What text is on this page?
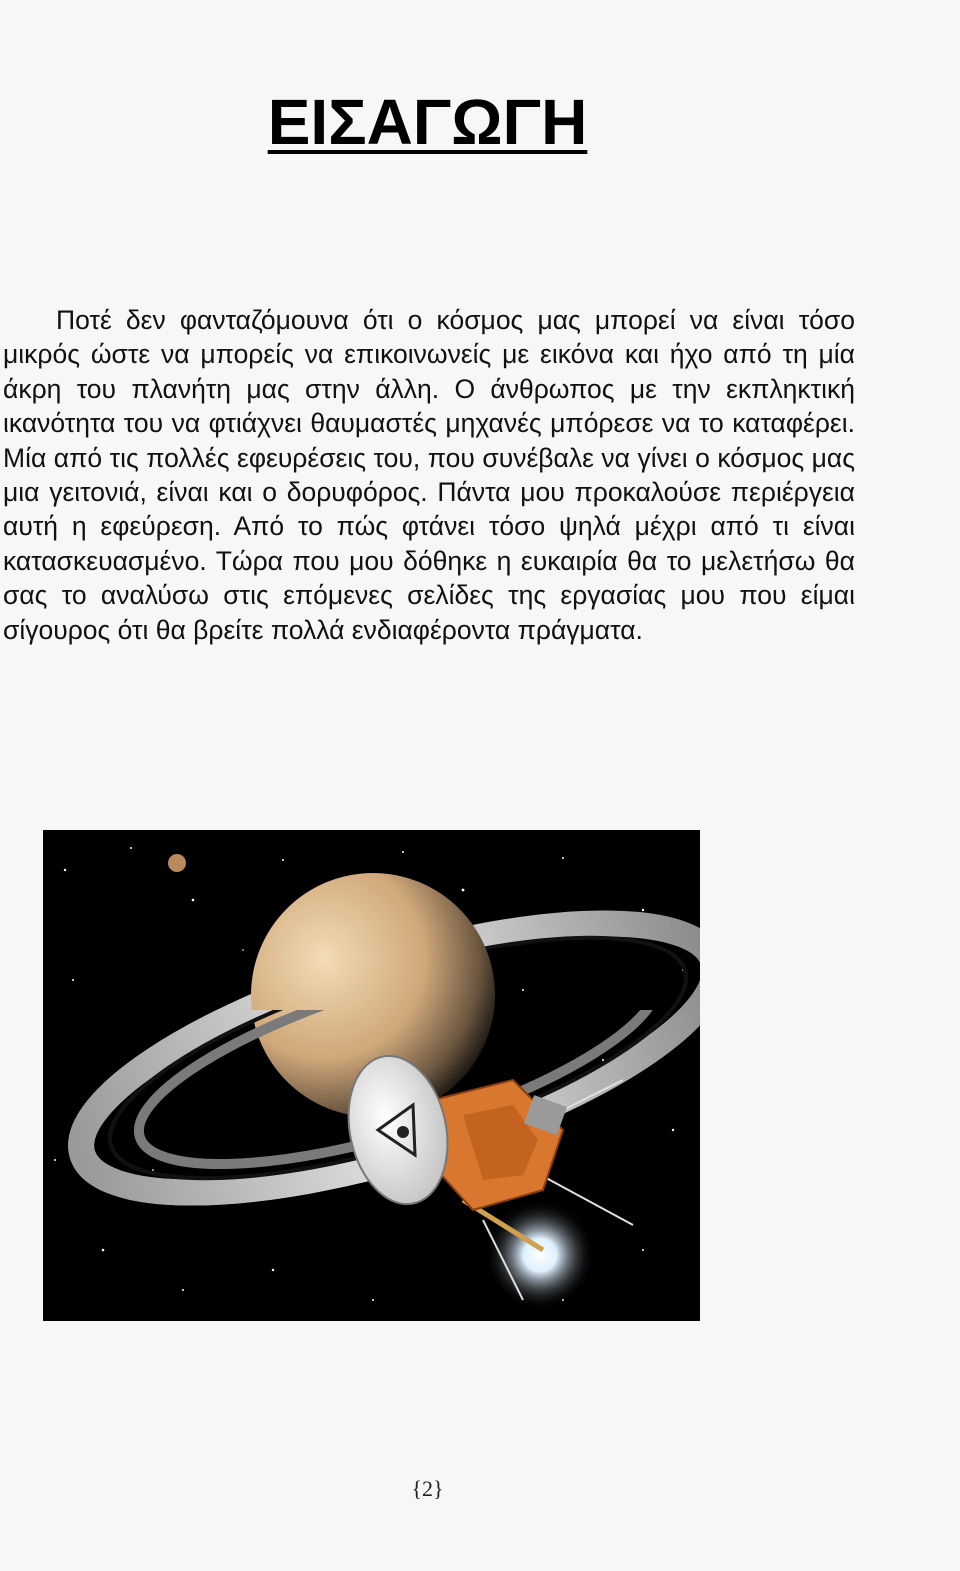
ΕΙΣΑΓΩΓΗ

Ποτέ δεν φανταζόμουνα ότι ο κόσμος μας μπορεί να είναι τόσο μικρός ώστε να μπορείς να επικοινωνείς με εικόνα και ήχο από τη μία άκρη του πλανήτη μας στην άλλη. Ο άνθρωπος με την εκπληκτική ικανότητα του να φτιάχνει θαυμαστές μηχανές μπόρεσε να το καταφέρει. Μία από τις πολλές εφευρέσεις του, που συνέβαλε να γίνει ο κόσμος μας μια γειτονιά, είναι και ο δορυφόρος. Πάντα μου προκαλούσε περιέργεια αυτή η εφεύρεση. Από το πώς φτάνει τόσο ψηλά μέχρι από τι είναι κατασκευασμένο. Τώρα που μου δόθηκε η ευκαιρία θα το μελετήσω θα σας το αναλύσω στις επόμενες σελίδες της εργασίας μου που είμαι σίγουρος ότι θα βρείτε πολλά ενδιαφέροντα πράγματα.

{2}
